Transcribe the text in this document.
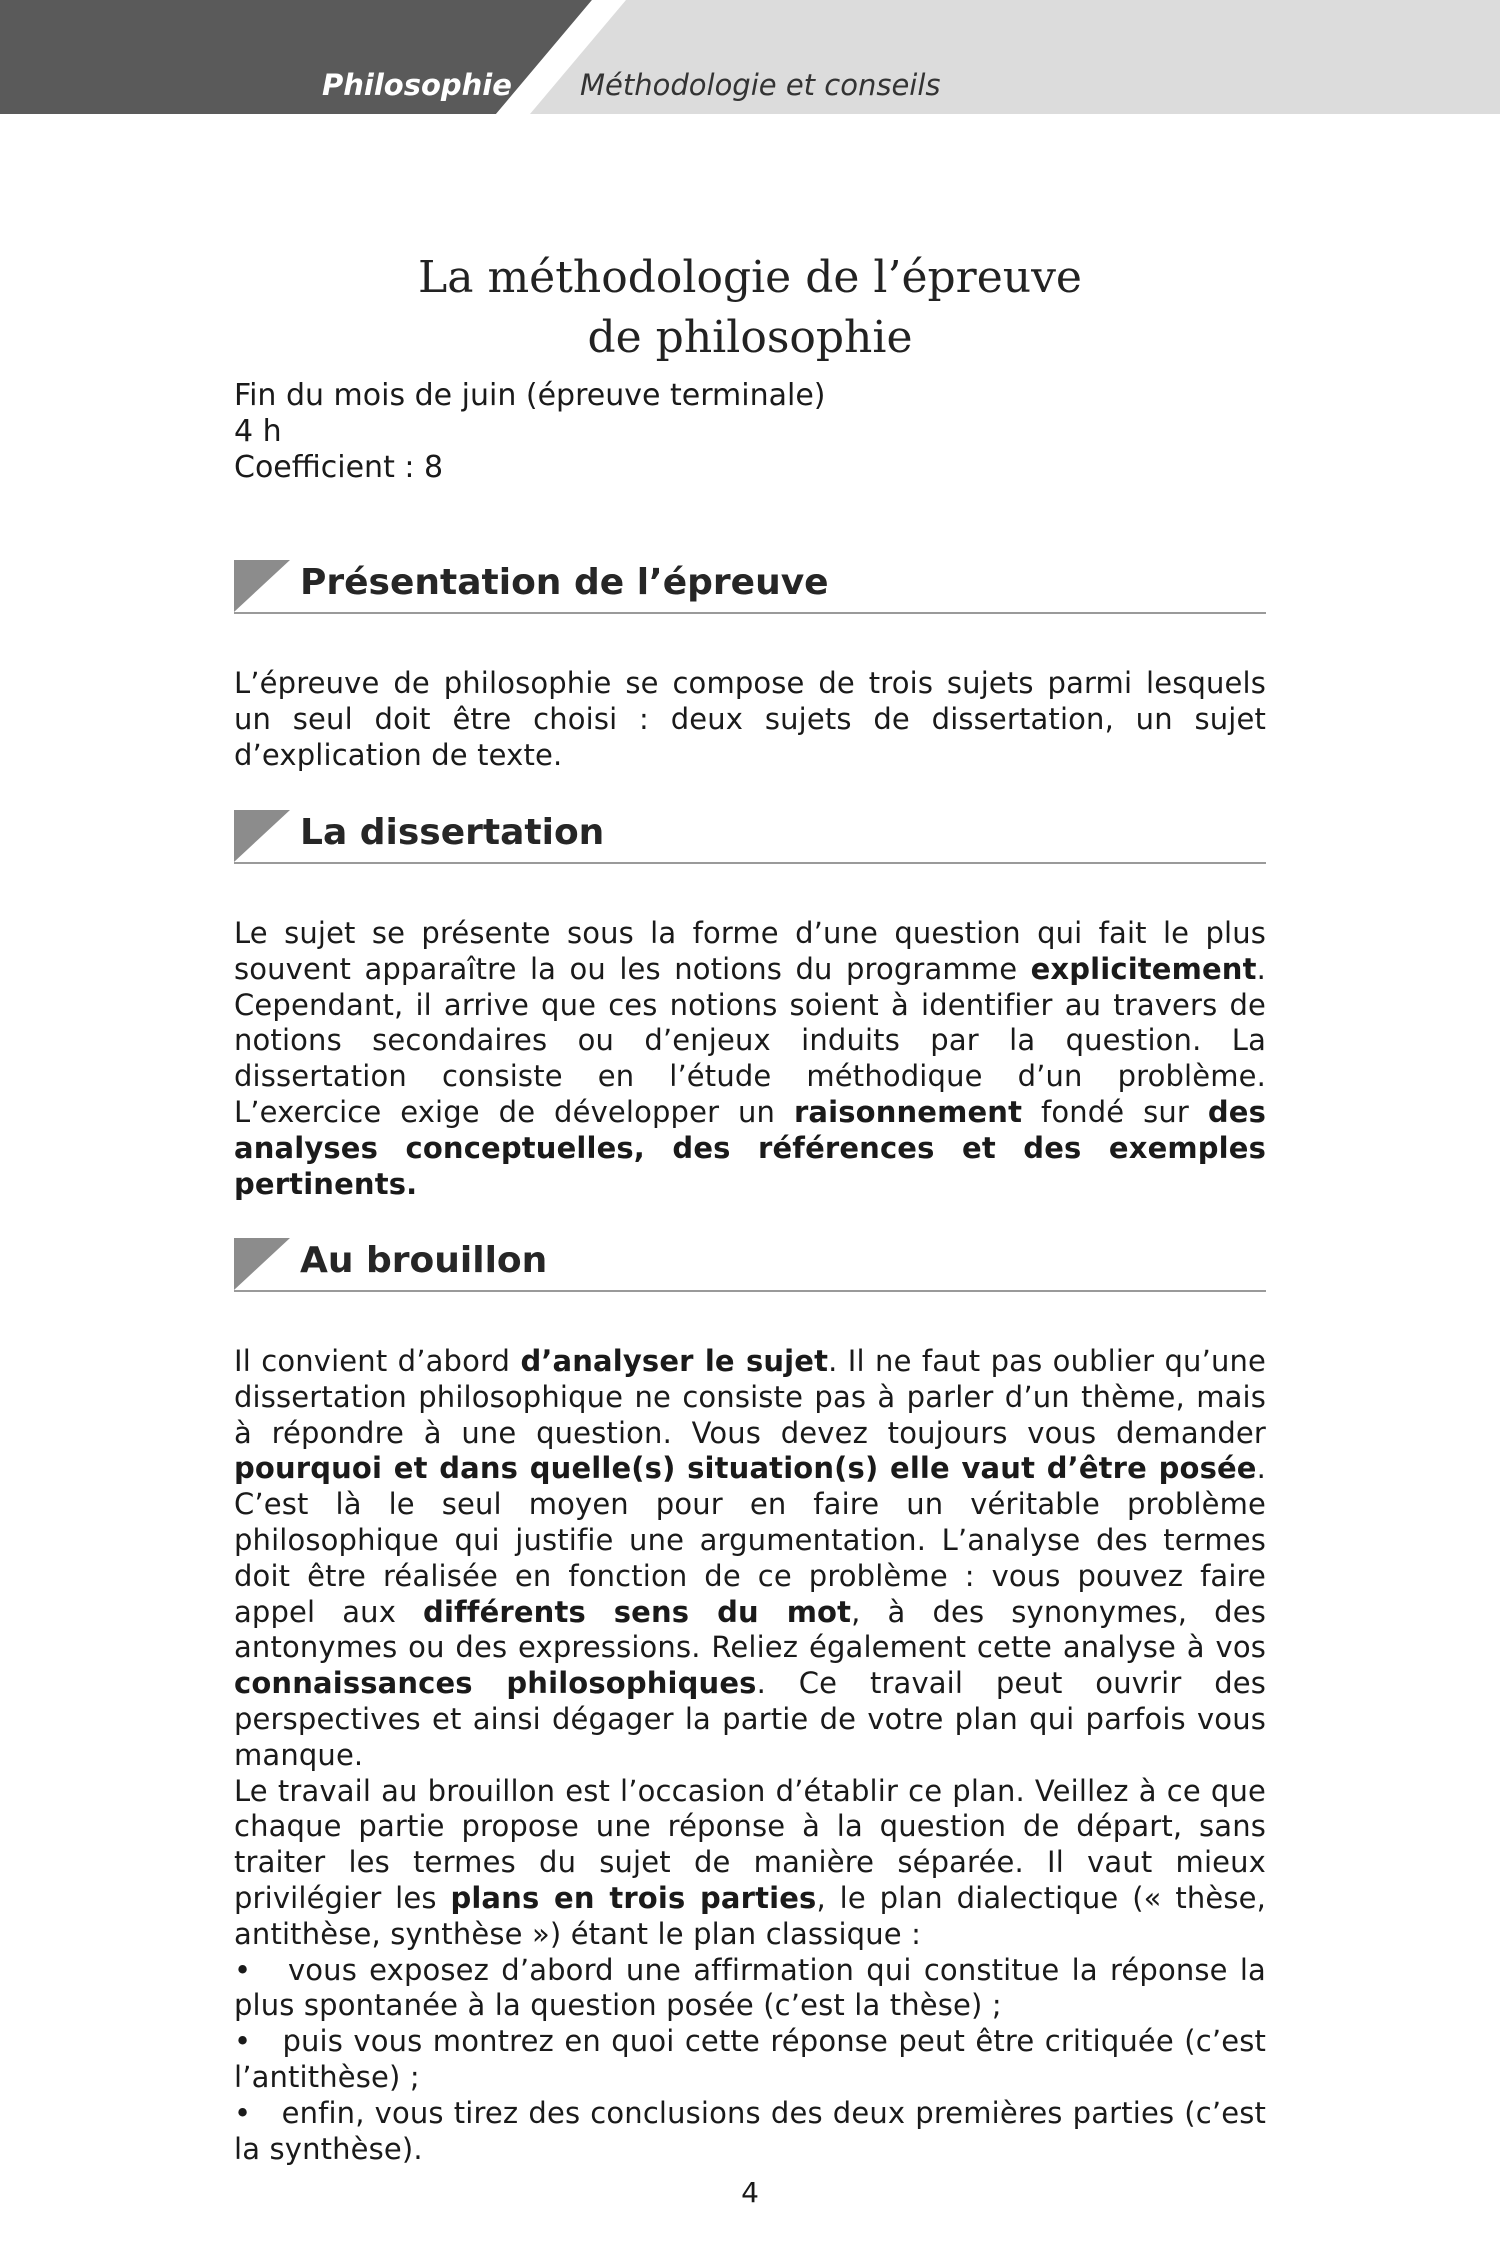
Philosophie Méthodologie et conseils
La méthodologie de l’épreuve
de philosophie
Fin du mois de juin (épreuve terminale)
4 h
Coefficient : 8
Présentation de l’épreuve
L’épreuve de philosophie se compose de trois sujets parmi lesquels un seul doit être choisi : deux sujets de dissertation, un sujet d’explication de texte.
La dissertation
Le sujet se présente sous la forme d’une question qui fait le plus souvent apparaître la ou les notions du programme explicitement. Cependant, il arrive que ces notions soient à identifier au travers de notions secondaires ou d’enjeux induits par la question. La dissertation consiste en l’étude méthodique d’un problème. L’exercice exige de développer un raisonnement fondé sur des analyses conceptuelles, des références et des exemples pertinents.
Au brouillon
Il convient d’abord d’analyser le sujet. Il ne faut pas oublier qu’une dissertation philosophique ne consiste pas à parler d’un thème, mais à répondre à une question. Vous devez toujours vous demander pourquoi et dans quelle(s) situation(s) elle vaut d’être posée. C’est là le seul moyen pour en faire un véritable problème philosophique qui justifie une argumentation. L’analyse des termes doit être réalisée en fonction de ce problème : vous pouvez faire appel aux différents sens du mot, à des synonymes, des antonymes ou des expressions. Reliez également cette analyse à vos connaissances philosophiques. Ce travail peut ouvrir des perspectives et ainsi dégager la partie de votre plan qui parfois vous manque.
Le travail au brouillon est l’occasion d’établir ce plan. Veillez à ce que chaque partie propose une réponse à la question de départ, sans traiter les termes du sujet de manière séparée. Il vaut mieux privilégier les plans en trois parties, le plan dialectique (« thèse, antithèse, synthèse ») étant le plan classique :
• vous exposez d’abord une affirmation qui constitue la réponse la plus spontanée à la question posée (c’est la thèse) ;
• puis vous montrez en quoi cette réponse peut être critiquée (c’est l’antithèse) ;
• enfin, vous tirez des conclusions des deux premières parties (c’est la synthèse).
4
